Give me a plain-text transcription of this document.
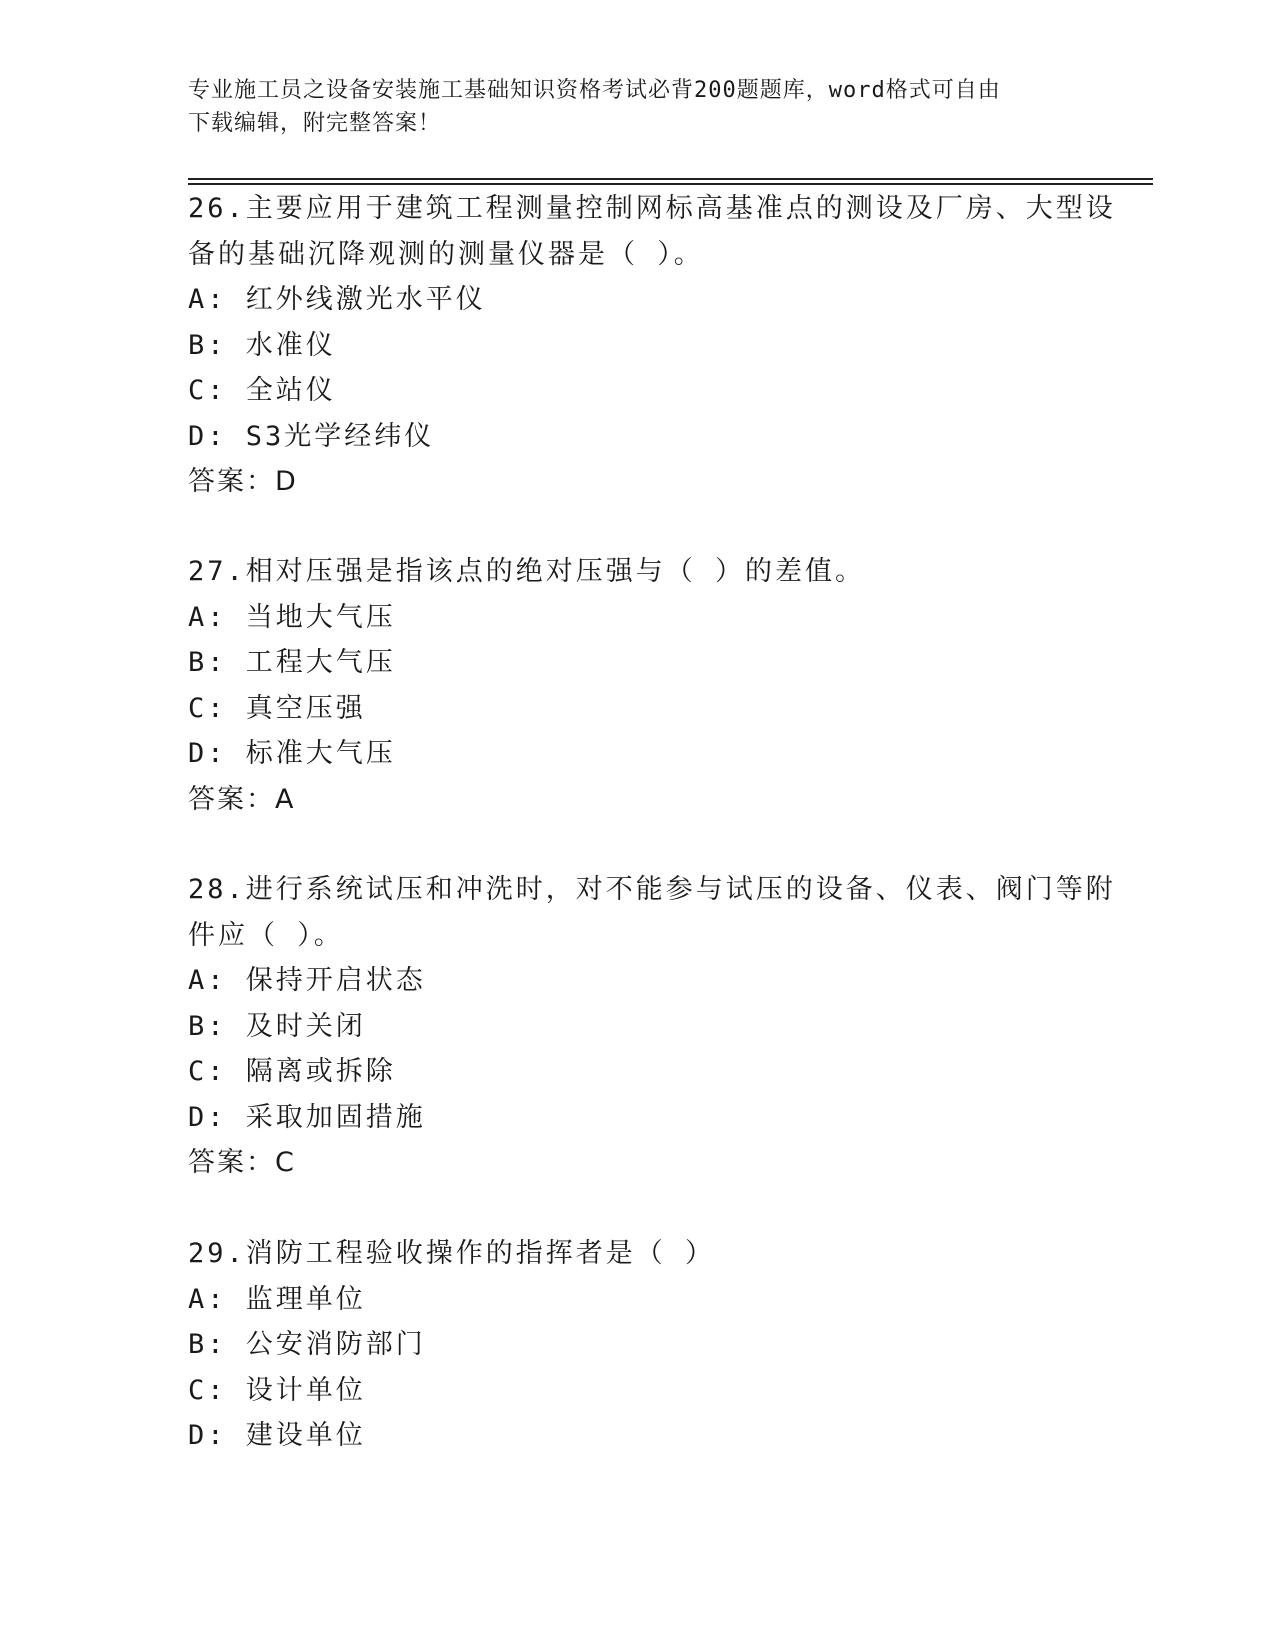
专业施工员之设备安装施工基础知识资格考试必背200题题库，word格式可自由
下载编辑，附完整答案！
26.主要应用于建筑工程测量控制网标高基准点的测设及厂房、大型设
备的基础沉降观测的测量仪器是（ ）。
A: 红外线激光水平仪
B: 水准仪
C: 全站仪
D: S3光学经纬仪
答案：D
27.相对压强是指该点的绝对压强与（ ）的差值。
A: 当地大气压
B: 工程大气压
C: 真空压强
D: 标准大气压
答案：A
28.进行系统试压和冲洗时，对不能参与试压的设备、仪表、阀门等附
件应（ ）。
A: 保持开启状态
B: 及时关闭
C: 隔离或拆除
D: 采取加固措施
答案：C
29.消防工程验收操作的指挥者是（ ）
A: 监理单位
B: 公安消防部门
C: 设计单位
D: 建设单位
